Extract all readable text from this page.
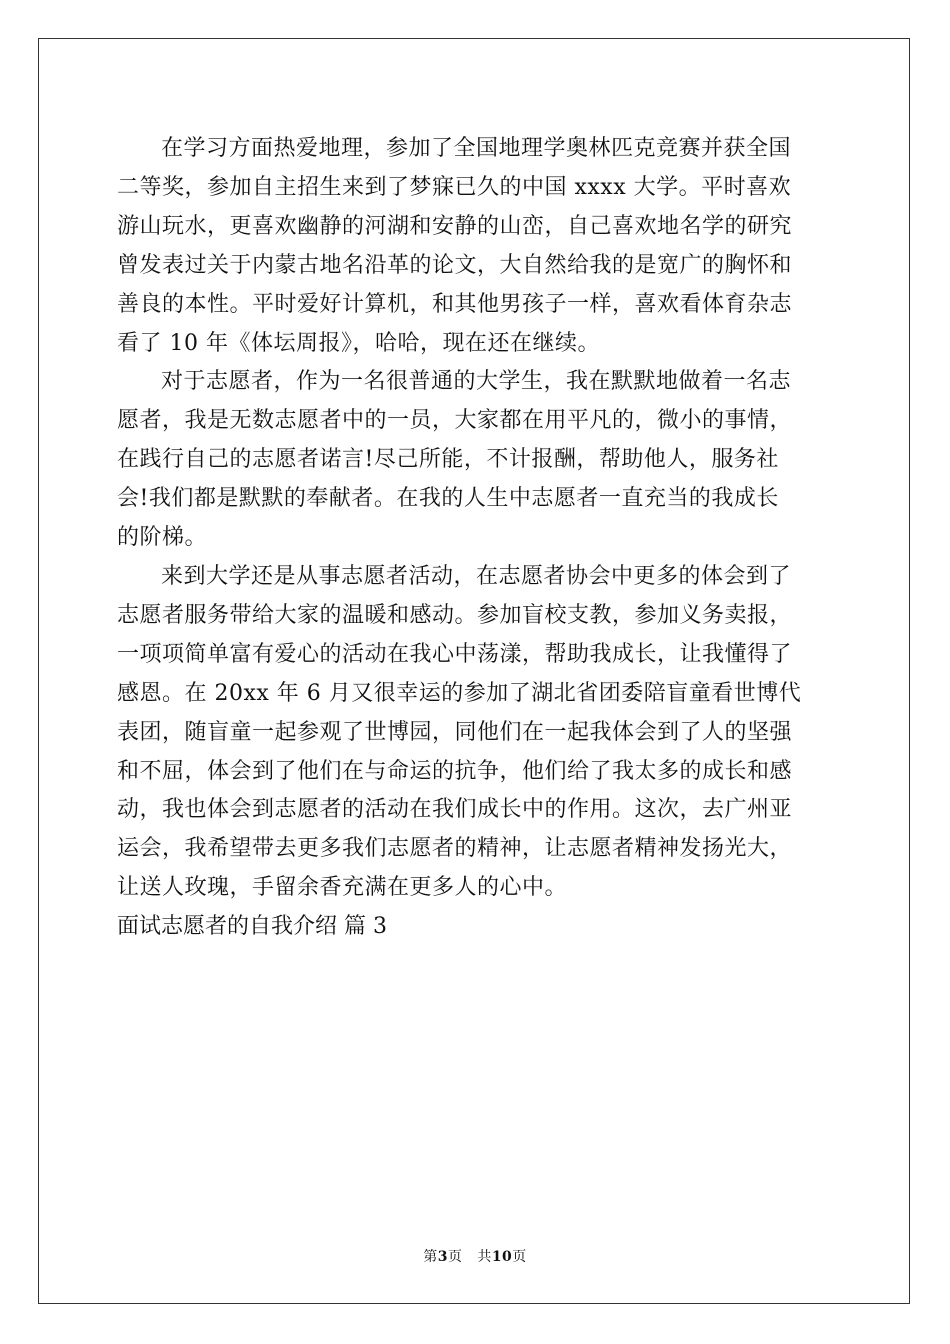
在学习方面热爱地理，参加了全国地理学奥林匹克竞赛并获全国
二等奖，参加自主招生来到了梦寐已久的中国 xxxx 大学。平时喜欢
游山玩水，更喜欢幽静的河湖和安静的山峦，自己喜欢地名学的研究
曾发表过关于内蒙古地名沿革的论文，大自然给我的是宽广的胸怀和
善良的本性。平时爱好计算机，和其他男孩子一样，喜欢看体育杂志
看了 10 年《体坛周报》，哈哈，现在还在继续。
对于志愿者，作为一名很普通的大学生，我在默默地做着一名志
愿者，我是无数志愿者中的一员，大家都在用平凡的，微小的事情，
在践行自己的志愿者诺言!尽己所能，不计报酬，帮助他人，服务社
会!我们都是默默的奉献者。在我的人生中志愿者一直充当的我成长
的阶梯。
来到大学还是从事志愿者活动，在志愿者协会中更多的体会到了
志愿者服务带给大家的温暖和感动。参加盲校支教，参加义务卖报，
一项项简单富有爱心的活动在我心中荡漾，帮助我成长，让我懂得了
感恩。在 20xx 年 6 月又很幸运的参加了湖北省团委陪盲童看世博代
表团，随盲童一起参观了世博园，同他们在一起我体会到了人的坚强
和不屈，体会到了他们在与命运的抗争，他们给了我太多的成长和感
动，我也体会到志愿者的活动在我们成长中的作用。这次，去广州亚
运会，我希望带去更多我们志愿者的精神，让志愿者精神发扬光大，
让送人玫瑰，手留余香充满在更多人的心中。
面试志愿者的自我介绍 篇 3
第3页 共10页
